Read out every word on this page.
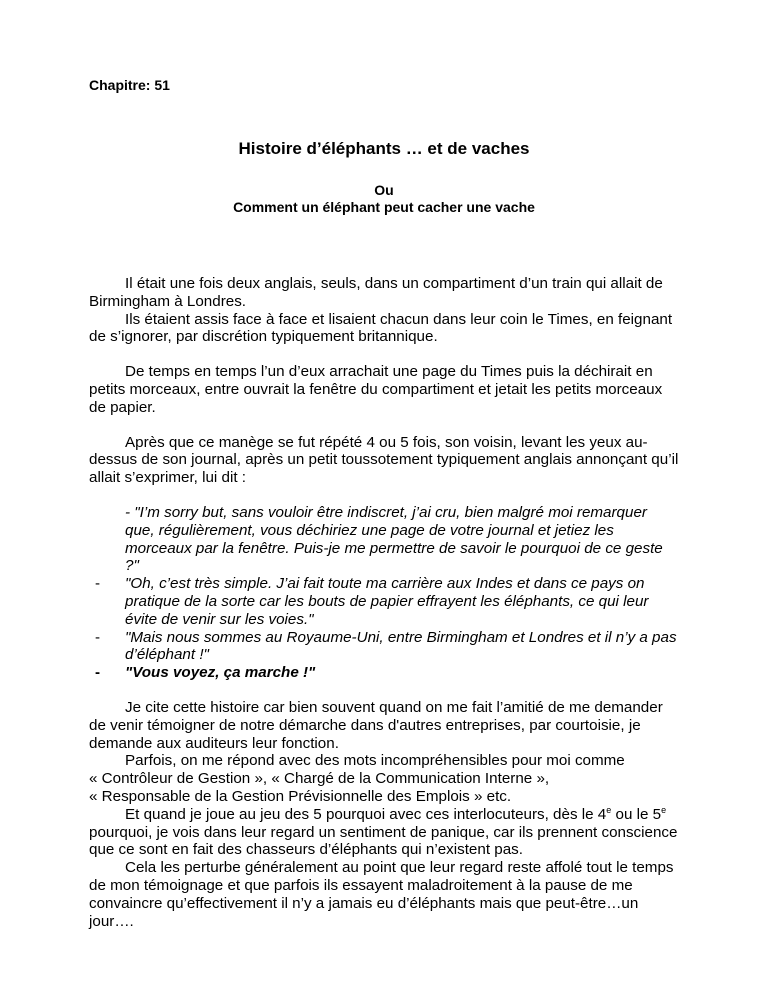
Chapitre: 51
Histoire d’éléphants … et de vaches
Ou
Comment un éléphant peut cacher une vache

Il était une fois deux anglais, seuls, dans un compartiment d’un train qui allait de Birmingham à Londres.

Ils étaient assis face à face et lisaient chacun dans leur coin le Times, en feignant de s’ignorer, par discrétion typiquement britannique.

De temps en temps l’un d’eux arrachait une page du Times puis la déchirait en petits morceaux, entre ouvrait la fenêtre du compartiment et jetait les petits morceaux de papier.

Après que ce manège se fut répété 4 ou 5 fois, son voisin, levant les yeux au-dessus de son journal, après un petit toussotement typiquement anglais annonçant qu’il allait s’exprimer, lui dit :

- "I’m sorry but, sans vouloir être indiscret, j’ai cru, bien malgré moi remarquer que, régulièrement, vous déchiriez une page de votre journal et jetiez les morceaux par la fenêtre. Puis-je me permettre de savoir le pourquoi de ce geste ?"
- "Oh, c’est très simple. J’ai fait toute ma carrière aux Indes et dans ce pays on pratique de la sorte car les bouts de papier effrayent les éléphants, ce qui leur évite de venir sur les voies."
- "Mais nous sommes au Royaume-Uni, entre Birmingham et Londres et il n’y a pas d’éléphant !"
- "Vous voyez, ça marche !"

Je cite cette histoire car bien souvent quand on me fait l’amitié de me demander de venir témoigner de notre démarche dans d'autres entreprises, par courtoisie, je demande aux auditeurs leur fonction.

Parfois, on me répond avec des mots incompréhensibles pour moi comme
« Contrôleur de Gestion », « Chargé de la Communication Interne »,
« Responsable de la Gestion Prévisionnelle des Emplois » etc.

Et quand je joue au jeu des 5 pourquoi avec ces interlocuteurs, dès le 4e ou le 5e pourquoi, je vois dans leur regard un sentiment de panique, car ils prennent conscience que ce sont en fait des chasseurs d’éléphants qui n’existent pas.

Cela les perturbe généralement au point que leur regard reste affolé tout le temps de mon témoignage et que parfois ils essayent maladroitement à la pause de me convaincre qu’effectivement il n’y a jamais eu d’éléphants mais que peut-être…un jour….
